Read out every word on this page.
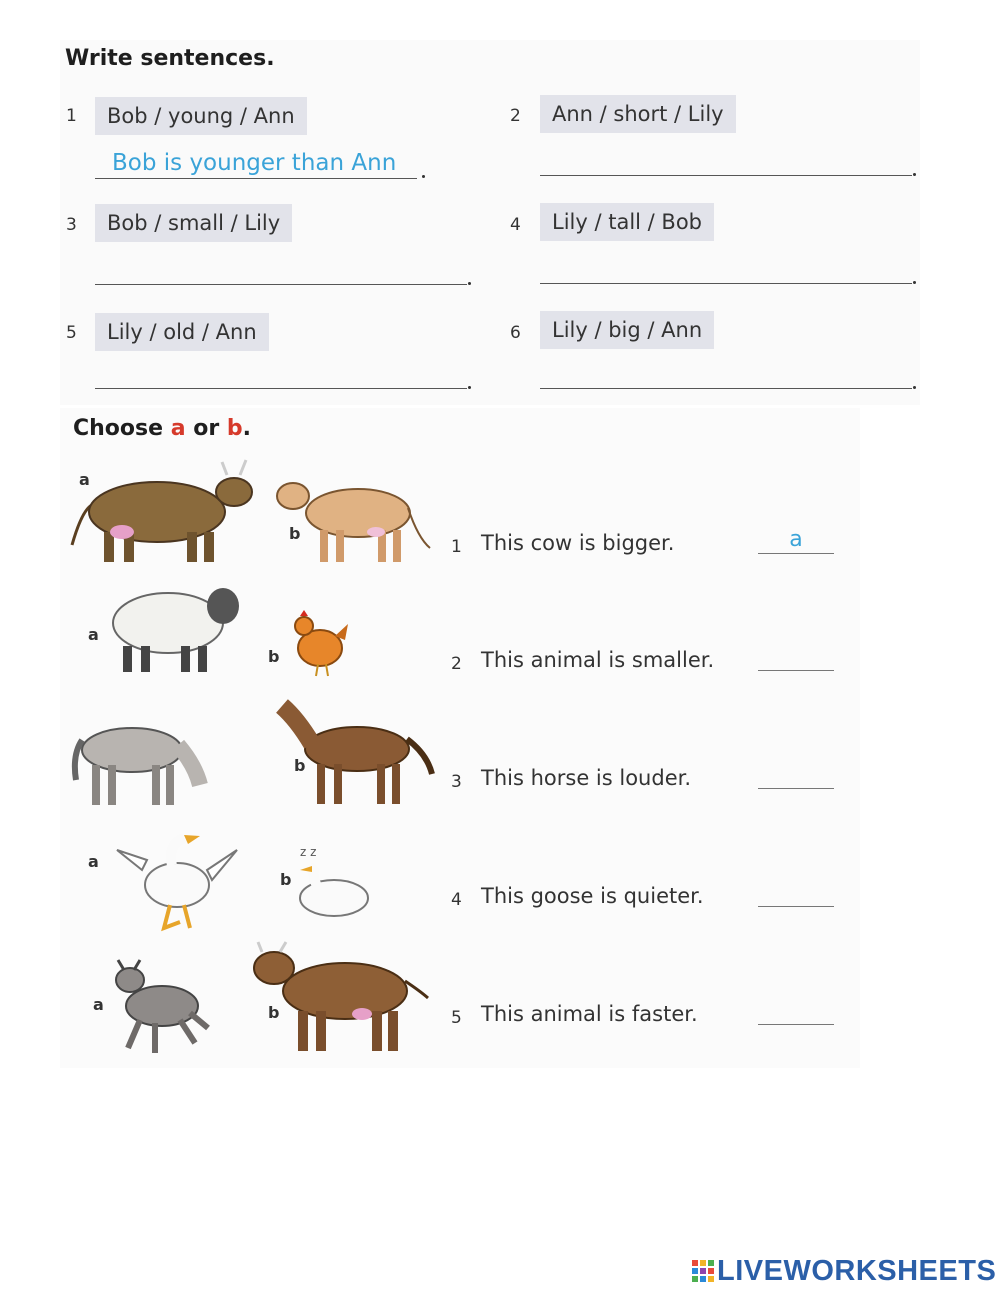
Write sentences.
1	Bob / young / Ann
Bob is younger than Ann
2	Ann / short / Lily
3	Bob / small / Lily	4	Lily / tall / Bob
5	Lily / old / Ann	6	Lily / big / Ann
Choose a or b.
a
b
1 This cow is bigger.	a
a
b	2 This animal is smaller.
b
3 This horse is louder.
a
b
z z
4 This goose is quieter.
a	b	5 This animal is faster.
LIVEWORKSHEETS
